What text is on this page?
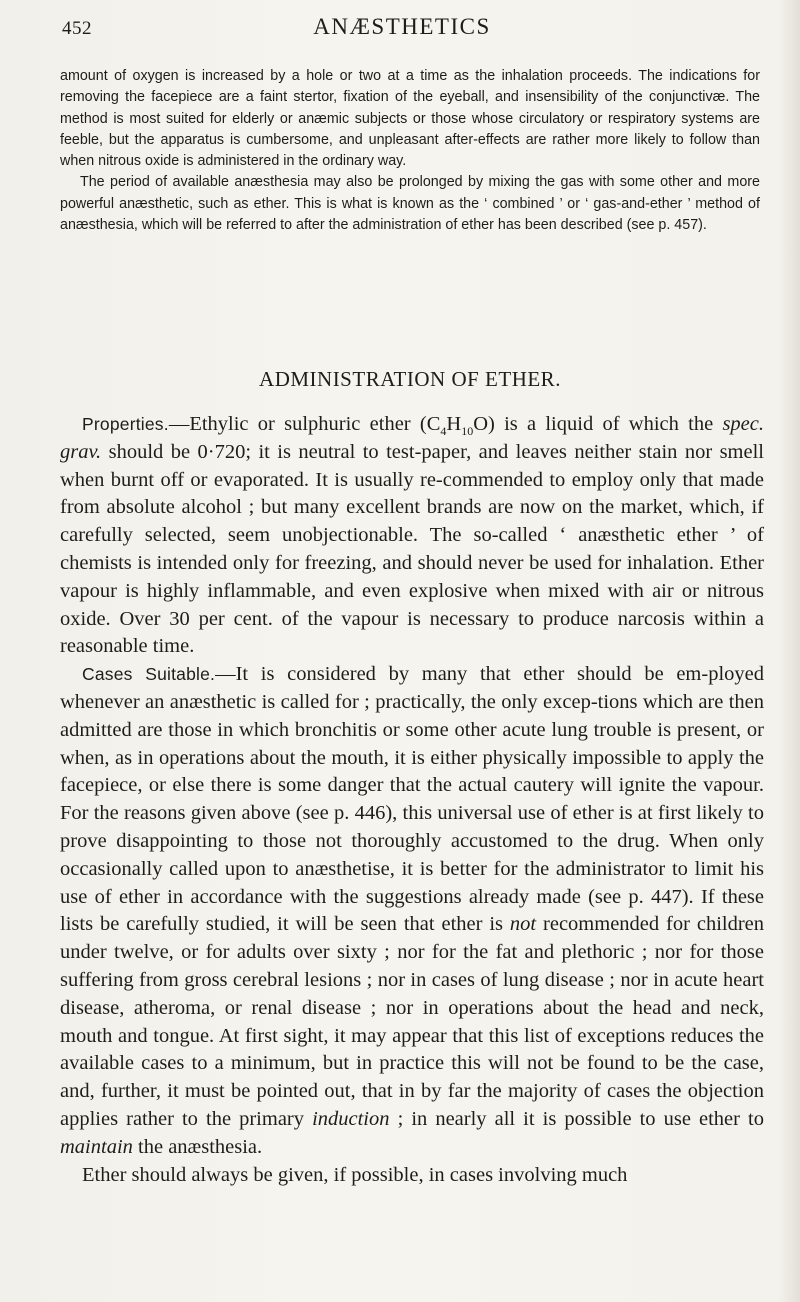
452	ANÆSTHETICS

amount of oxygen is increased by a hole or two at a time as the inhalation proceeds. The indications for removing the facepiece are a faint stertor, fixation of the eyeball, and insensibility of the conjunctivæ. The method is most suited for elderly or anæmic subjects or those whose circulatory or respiratory systems are feeble, but the apparatus is cumbersome, and unpleasant after-effects are rather more likely to follow than when nitrous oxide is administered in the ordinary way.

The period of available anæsthesia may also be prolonged by mixing the gas with some other and more powerful anæsthetic, such as ether. This is what is known as the ‘ combined ’ or ‘ gas-and-ether ’ method of anæsthesia, which will be referred to after the administration of ether has been described (see p. 457).

ADMINISTRATION OF ETHER.

Properties.—Ethylic or sulphuric ether $(C_4H_{10}O)$ is a liquid of which the spec. grav. should be 0·720; it is neutral to test-paper, and leaves neither stain nor smell when burnt off or evaporated. It is usually re-commended to employ only that made from absolute alcohol ; but many excellent brands are now on the market, which, if carefully selected, seem unobjectionable. The so-called ‘ anæsthetic ether ’ of chemists is intended only for freezing, and should never be used for inhalation. Ether vapour is highly inflammable, and even explosive when mixed with air or nitrous oxide. Over 30 per cent. of the vapour is necessary to produce narcosis within a reasonable time.

Cases Suitable.—It is considered by many that ether should be em-ployed whenever an anæsthetic is called for ; practically, the only excep-tions which are then admitted are those in which bronchitis or some other acute lung trouble is present, or when, as in operations about the mouth, it is either physically impossible to apply the facepiece, or else there is some danger that the actual cautery will ignite the vapour. For the reasons given above (see p. 446), this universal use of ether is at first likely to prove disappointing to those not thoroughly accustomed to the drug. When only occasionally called upon to anæsthetise, it is better for the administrator to limit his use of ether in accordance with the suggestions already made (see p. 447). If these lists be carefully studied, it will be seen that ether is not recommended for children under twelve, or for adults over sixty ; nor for the fat and plethoric ; nor for those suffering from gross cerebral lesions ; nor in cases of lung disease ; nor in acute heart disease, atheroma, or renal disease ; nor in operations about the head and neck, mouth and tongue. At first sight, it may appear that this list of exceptions reduces the available cases to a minimum, but in practice this will not be found to be the case, and, further, it must be pointed out, that in by far the majority of cases the objection applies rather to the primary induction ; in nearly all it is possible to use ether to maintain the anæsthesia.

Ether should always be given, if possible, in cases involving much
